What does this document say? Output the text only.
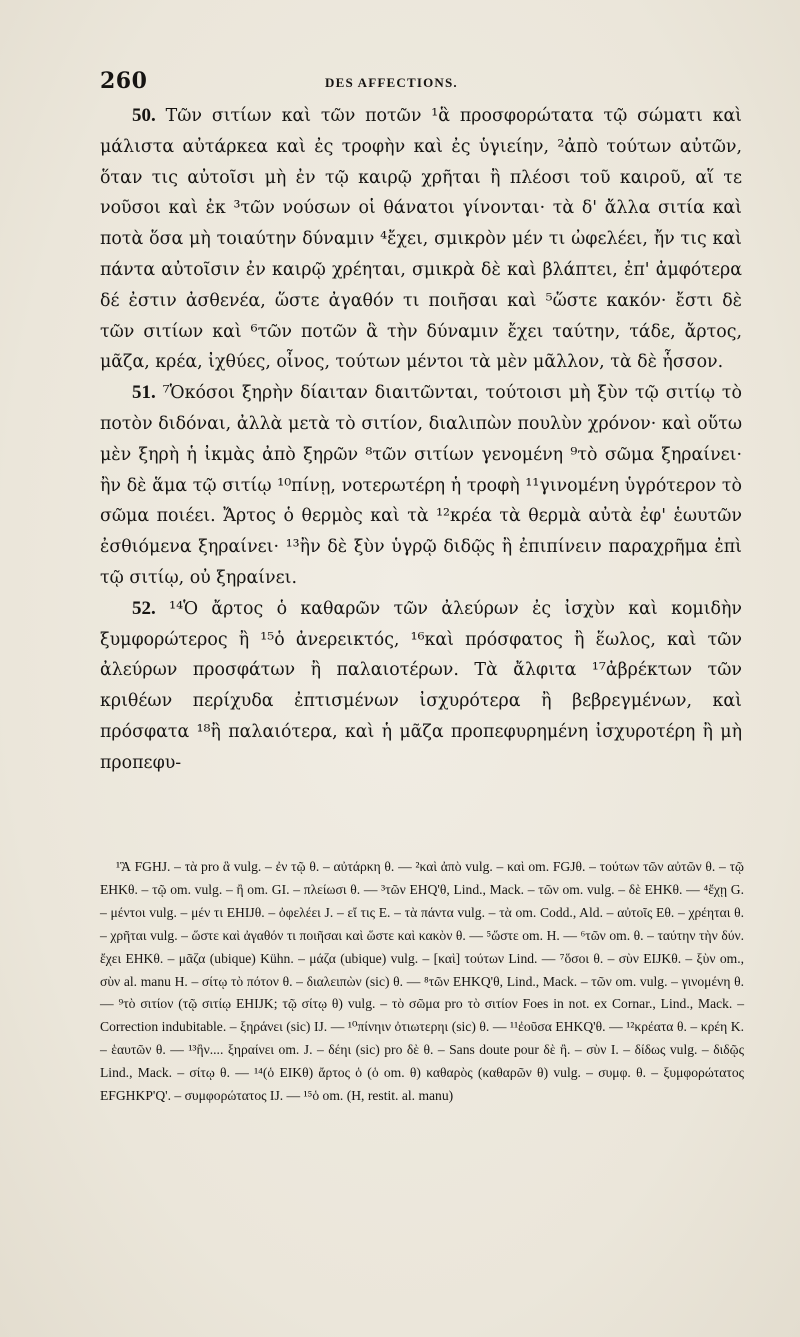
260	DES AFFECTIONS.

50. Τῶν σιτίων καὶ τῶν ποτῶν ¹ἃ προσφορώτατα τῷ σώματι καὶ μάλιστα αὐτάρκεα καὶ ἐς τροφὴν καὶ ἐς ὑγιείην, ²ἀπὸ τούτων αὐτῶν, ὅταν τις αὐτοῖσι μὴ ἐν τῷ καιρῷ χρῆται ἢ πλέοσι τοῦ καιροῦ, αἵ τε νοῦσοι καὶ ἐκ ³τῶν νούσων οἱ θάνατοι γίνονται· τὰ δ' ἄλλα σιτία καὶ ποτὰ ὅσα μὴ τοιαύτην δύναμιν ⁴ἔχει, σμικρὸν μέν τι ὠφελέει, ἤν τις καὶ πάντα αὐτοῖσιν ἐν καιρῷ χρέηται, σμικρὰ δὲ καὶ βλάπτει, ἐπ' ἀμφότερα δέ ἐστιν ἀσθενέα, ὥστε ἀγαθόν τι ποιῆσαι καὶ ⁵ὥστε κακόν· ἔστι δὲ τῶν σιτίων καὶ ⁶τῶν ποτῶν ἃ τὴν δύναμιν ἔχει ταύτην, τάδε, ἄρτος, μᾶζα, κρέα, ἰχθύες, οἶνος, τούτων μέντοι τὰ μὲν μᾶλλον, τὰ δὲ ἧσσον.

51. ⁷Ὁκόσοι ξηρὴν δίαιταν διαιτῶνται, τούτοισι μὴ ξὺν τῷ σιτίῳ τὸ ποτὸν διδόναι, ἀλλὰ μετὰ τὸ σιτίον, διαλιπὼν πουλὺν χρόνον· καὶ οὕτω μὲν ξηρὴ ἡ ἰκμὰς ἀπὸ ξηρῶν ⁸τῶν σιτίων γενομένη ⁹τὸ σῶμα ξηραίνει· ἢν δὲ ἅμα τῷ σιτίῳ ¹⁰πίνῃ, νοτερωτέρη ἡ τροφὴ ¹¹γινομένη ὑγρότερον τὸ σῶμα ποιέει. Ἄρτος ὁ θερμὸς καὶ τὰ ¹²κρέα τὰ θερμὰ αὐτὰ ἐφ' ἑωυτῶν ἐσθιόμενα ξηραίνει· ¹³ἢν δὲ ξὺν ὑγρῷ διδῷς ἢ ἐπιπίνειν παραχρῆμα ἐπὶ τῷ σιτίῳ, οὐ ξηραίνει.

52. ¹⁴Ὁ ἄρτος ὁ καθαρῶν τῶν ἀλεύρων ἐς ἰσχὺν καὶ κομιδὴν ξυμφορώτερος ἢ ¹⁵ὁ ἀνερεικτός, ¹⁶καὶ πρόσφατος ἢ ἕωλος, καὶ τῶν ἀλεύρων προσφάτων ἢ παλαιοτέρων. Τὰ ἄλφιτα ¹⁷ἀβρέκτων τῶν κριθέων περίχυδα ἐπτισμένων ἰσχυρότερα ἢ βεβρεγμένων, καὶ πρόσφατα ¹⁸ἢ παλαιότερα, καὶ ἡ μᾶζα προπεφυρημένη ἰσχυροτέρη ἢ μὴ προπεφυ-

¹Ἃ FGHJ. – τὰ pro ἃ vulg. – ἐν τῷ θ. – αὐτάρκη θ. — ²καὶ ἀπὸ vulg. – καὶ om. FGJθ. – τούτων τῶν αὐτῶν θ. – τῷ EHKθ. – τῷ om. vulg. – ἢ om. GI. – πλείωσι θ. — ³τῶν EHQ'θ, Lind., Mack. – τῶν om. vulg. – δὲ EHKθ. — ⁴ἔχῃ G. – μέντοι vulg. – μέν τι EHIJθ. – ὀφελέει J. – εἴ τις E. – τὰ πάντα vulg. – τὰ om. Codd., Ald. – αὐτοῖς Eθ. – χρέηται θ. – χρῆται vulg. – ὥστε καὶ ἀγαθόν τι ποιῆσαι καὶ ὥστε καὶ κακὸν θ. — ⁵ὥστε om. H. — ⁶τῶν om. θ. – ταύτην τὴν δύν. ἔχει EHKθ. – μᾶζα (ubique) Kühn. – μάζα (ubique) vulg. – [καὶ] τούτων Lind. — ⁷ὅσοι θ. – σὺν EIJKθ. – ξὺν om., σὺν al. manu H. – σίτῳ τὸ πότον θ. – διαλειπὼν (sic) θ. — ⁸τῶν EHKQ'θ, Lind., Mack. – τῶν om. vulg. – γινομένη θ. — ⁹τὸ σιτίον (τῷ σιτίῳ EHIJK; τῷ σίτῳ θ) vulg. – τὸ σῶμα pro τὸ σιτίον Foes in not. ex Cornar., Lind., Mack. – Correction indubitable. – ξηράνει (sic) IJ. — ¹⁰πίνηιν ὀτιωτερηι (sic) θ. — ¹¹ἐοῦσα EHKQ'θ. — ¹²κρέατα θ. – κρέη K. – ἑαυτῶν θ. — ¹³ἢν.... ξηραίνει om. J. – δέηι (sic) pro δὲ θ. – Sans doute pour δὲ ἢ. – σὺν I. – δίδως vulg. – διδῷς Lind., Mack. – σίτῳ θ. — ¹⁴(ὁ EIKθ) ἄρτος ὁ (ὁ om. θ) καθαρὸς (καθαρῶν θ) vulg. – συμφ. θ. – ξυμφορώτατος EFGHKP'Q'. – συμφορώτατος IJ. — ¹⁵ὁ om. (H, restit. al. manu)
